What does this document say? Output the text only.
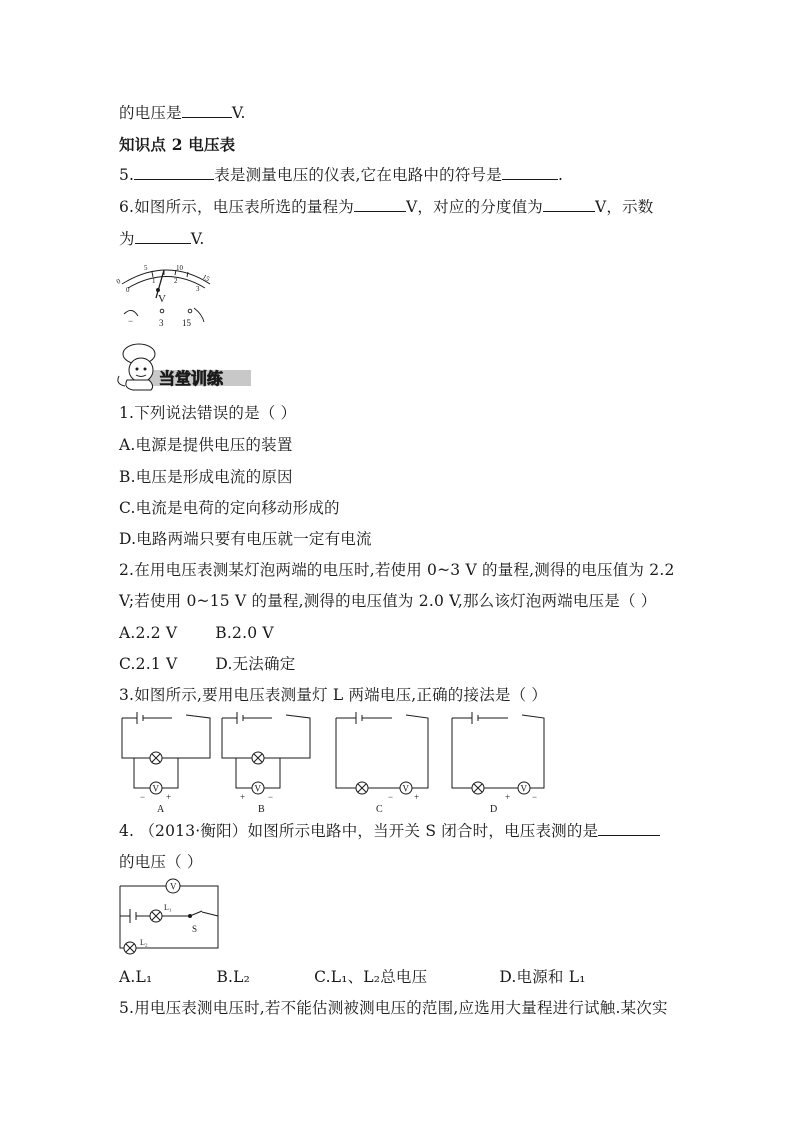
的电压是	V.
知识点 2 电压表
5.	表是测量电压的仪表,它在电路中的符号是	.
6.如图所示，电压表所选的量程为	V，对应的分度值为	V，示数
为	V.
0
5	10
15
0
1	2
3
V
−	3 15
当堂训练
1.下列说法错误的是（ ）
A.电源是提供电压的装置
B.电压是形成电流的原因
C.电流是电荷的定向移动形成的
D.电路两端只要有电压就一定有电流
2.在用电压表测某灯泡两端的电压时,若使用 0~3 V 的量程,测得的电压值为 2.2
V;若使用 0~15 V 的量程,测得的电压值为 2.0 V,那么该灯泡两端电压是（ ）
A.2.2 V B.2.0 V
C.2.1 V D.无法确定
3.如图所示,要用电压表测量灯 L 两端电压,正确的接法是（ ）
V	V	V	V
− +	+	−	− +	+ −
A	B	C	D
4. （2013·衡阳）如图所示电路中，当开关 S 闭合时，电压表测的是
的电压（ ）
V
L₁
S
L₂
A.L₁	B.L₂	C.L₁、L₂总电压	D.电源和 L₁
5.用电压表测电压时,若不能估测被测电压的范围,应选用大量程进行试触.某次实
